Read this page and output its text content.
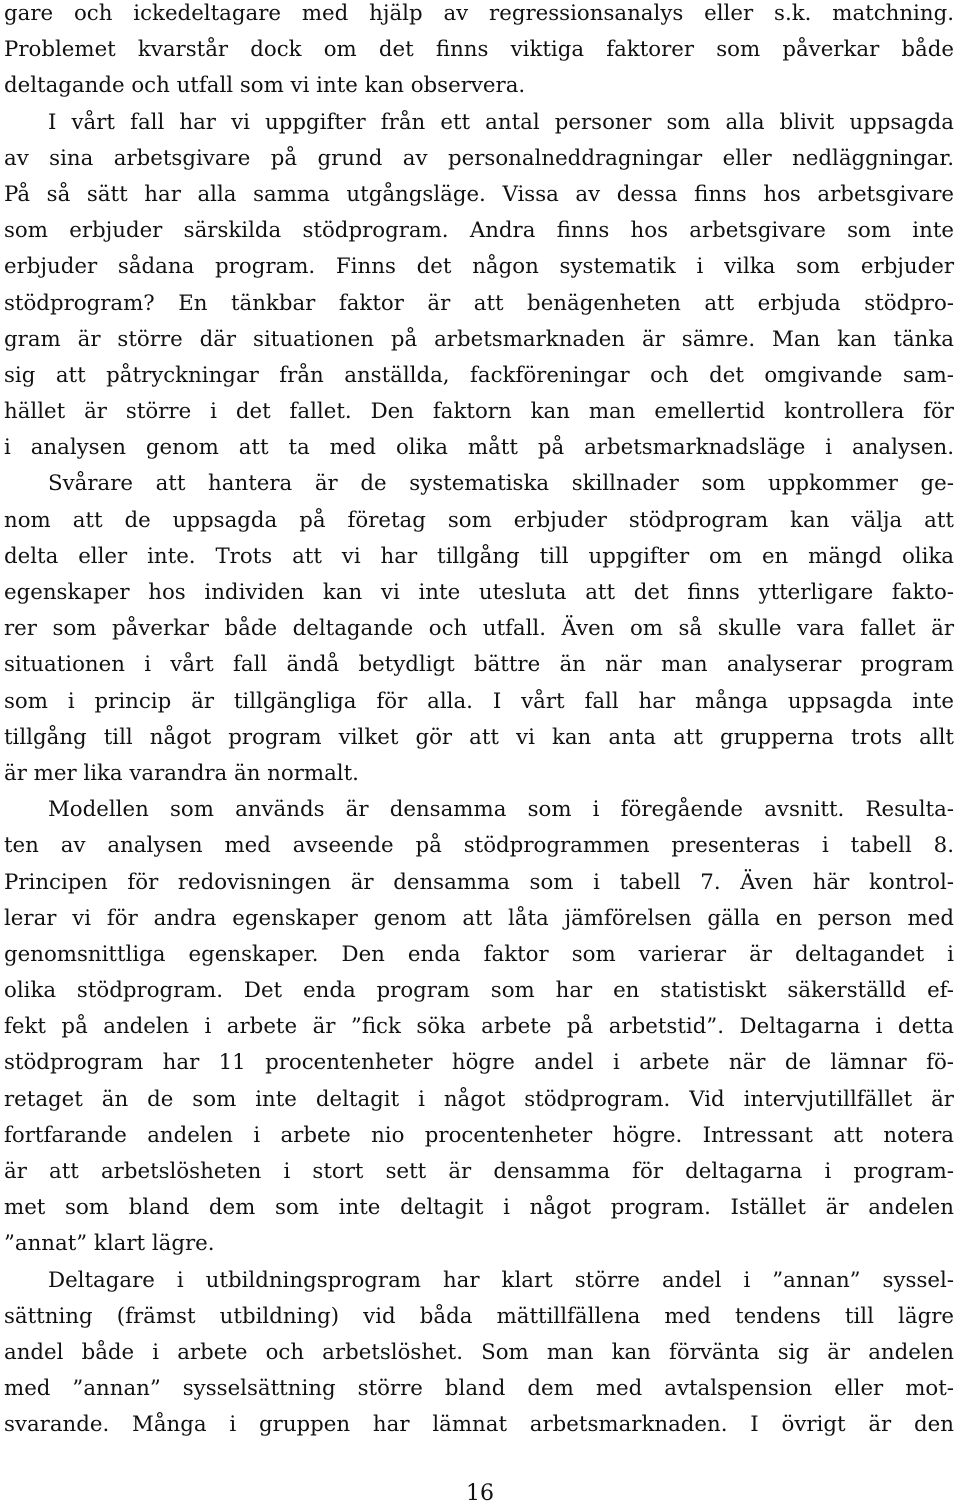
gare och ickedeltagare med hjälp av regressionsanalys eller s.k. matchning.
Problemet kvarstår dock om det finns viktiga faktorer som påverkar både
deltagande och utfall som vi inte kan observera.
I vårt fall har vi uppgifter från ett antal personer som alla blivit uppsagda
av sina arbetsgivare på grund av personalneddragningar eller nedläggningar.
På så sätt har alla samma utgångsläge. Vissa av dessa finns hos arbetsgivare
som erbjuder särskilda stödprogram. Andra finns hos arbetsgivare som inte
erbjuder sådana program. Finns det någon systematik i vilka som erbjuder
stödprogram? En tänkbar faktor är att benägenheten att erbjuda stödpro-
gram är större där situationen på arbetsmarknaden är sämre. Man kan tänka
sig att påtryckningar från anställda, fackföreningar och det omgivande sam-
hället är större i det fallet. Den faktorn kan man emellertid kontrollera för
i analysen genom att ta med olika mått på arbetsmarknadsläge i analysen.
Svårare att hantera är de systematiska skillnader som uppkommer ge-
nom att de uppsagda på företag som erbjuder stödprogram kan välja att
delta eller inte. Trots att vi har tillgång till uppgifter om en mängd olika
egenskaper hos individen kan vi inte utesluta att det finns ytterligare fakto-
rer som påverkar både deltagande och utfall. Även om så skulle vara fallet är
situationen i vårt fall ändå betydligt bättre än när man analyserar program
som i princip är tillgängliga för alla. I vårt fall har många uppsagda inte
tillgång till något program vilket gör att vi kan anta att grupperna trots allt
är mer lika varandra än normalt.
Modellen som används är densamma som i föregående avsnitt. Resulta-
ten av analysen med avseende på stödprogrammen presenteras i tabell 8.
Principen för redovisningen är densamma som i tabell 7. Även här kontrol-
lerar vi för andra egenskaper genom att låta jämförelsen gälla en person med
genomsnittliga egenskaper. Den enda faktor som varierar är deltagandet i
olika stödprogram. Det enda program som har en statistiskt säkerställd ef-
fekt på andelen i arbete är ”fick söka arbete på arbetstid”. Deltagarna i detta
stödprogram har 11 procentenheter högre andel i arbete när de lämnar fö-
retaget än de som inte deltagit i något stödprogram. Vid intervjutillfället är
fortfarande andelen i arbete nio procentenheter högre. Intressant att notera
är att arbetslösheten i stort sett är densamma för deltagarna i program-
met som bland dem som inte deltagit i något program. Istället är andelen
”annat” klart lägre.
Deltagare i utbildningsprogram har klart större andel i ”annan” syssel-
sättning (främst utbildning) vid båda mättillfällena med tendens till lägre
andel både i arbete och arbetslöshet. Som man kan förvänta sig är andelen
med ”annan” sysselsättning större bland dem med avtalspension eller mot-
svarande. Många i gruppen har lämnat arbetsmarknaden. I övrigt är den
16
